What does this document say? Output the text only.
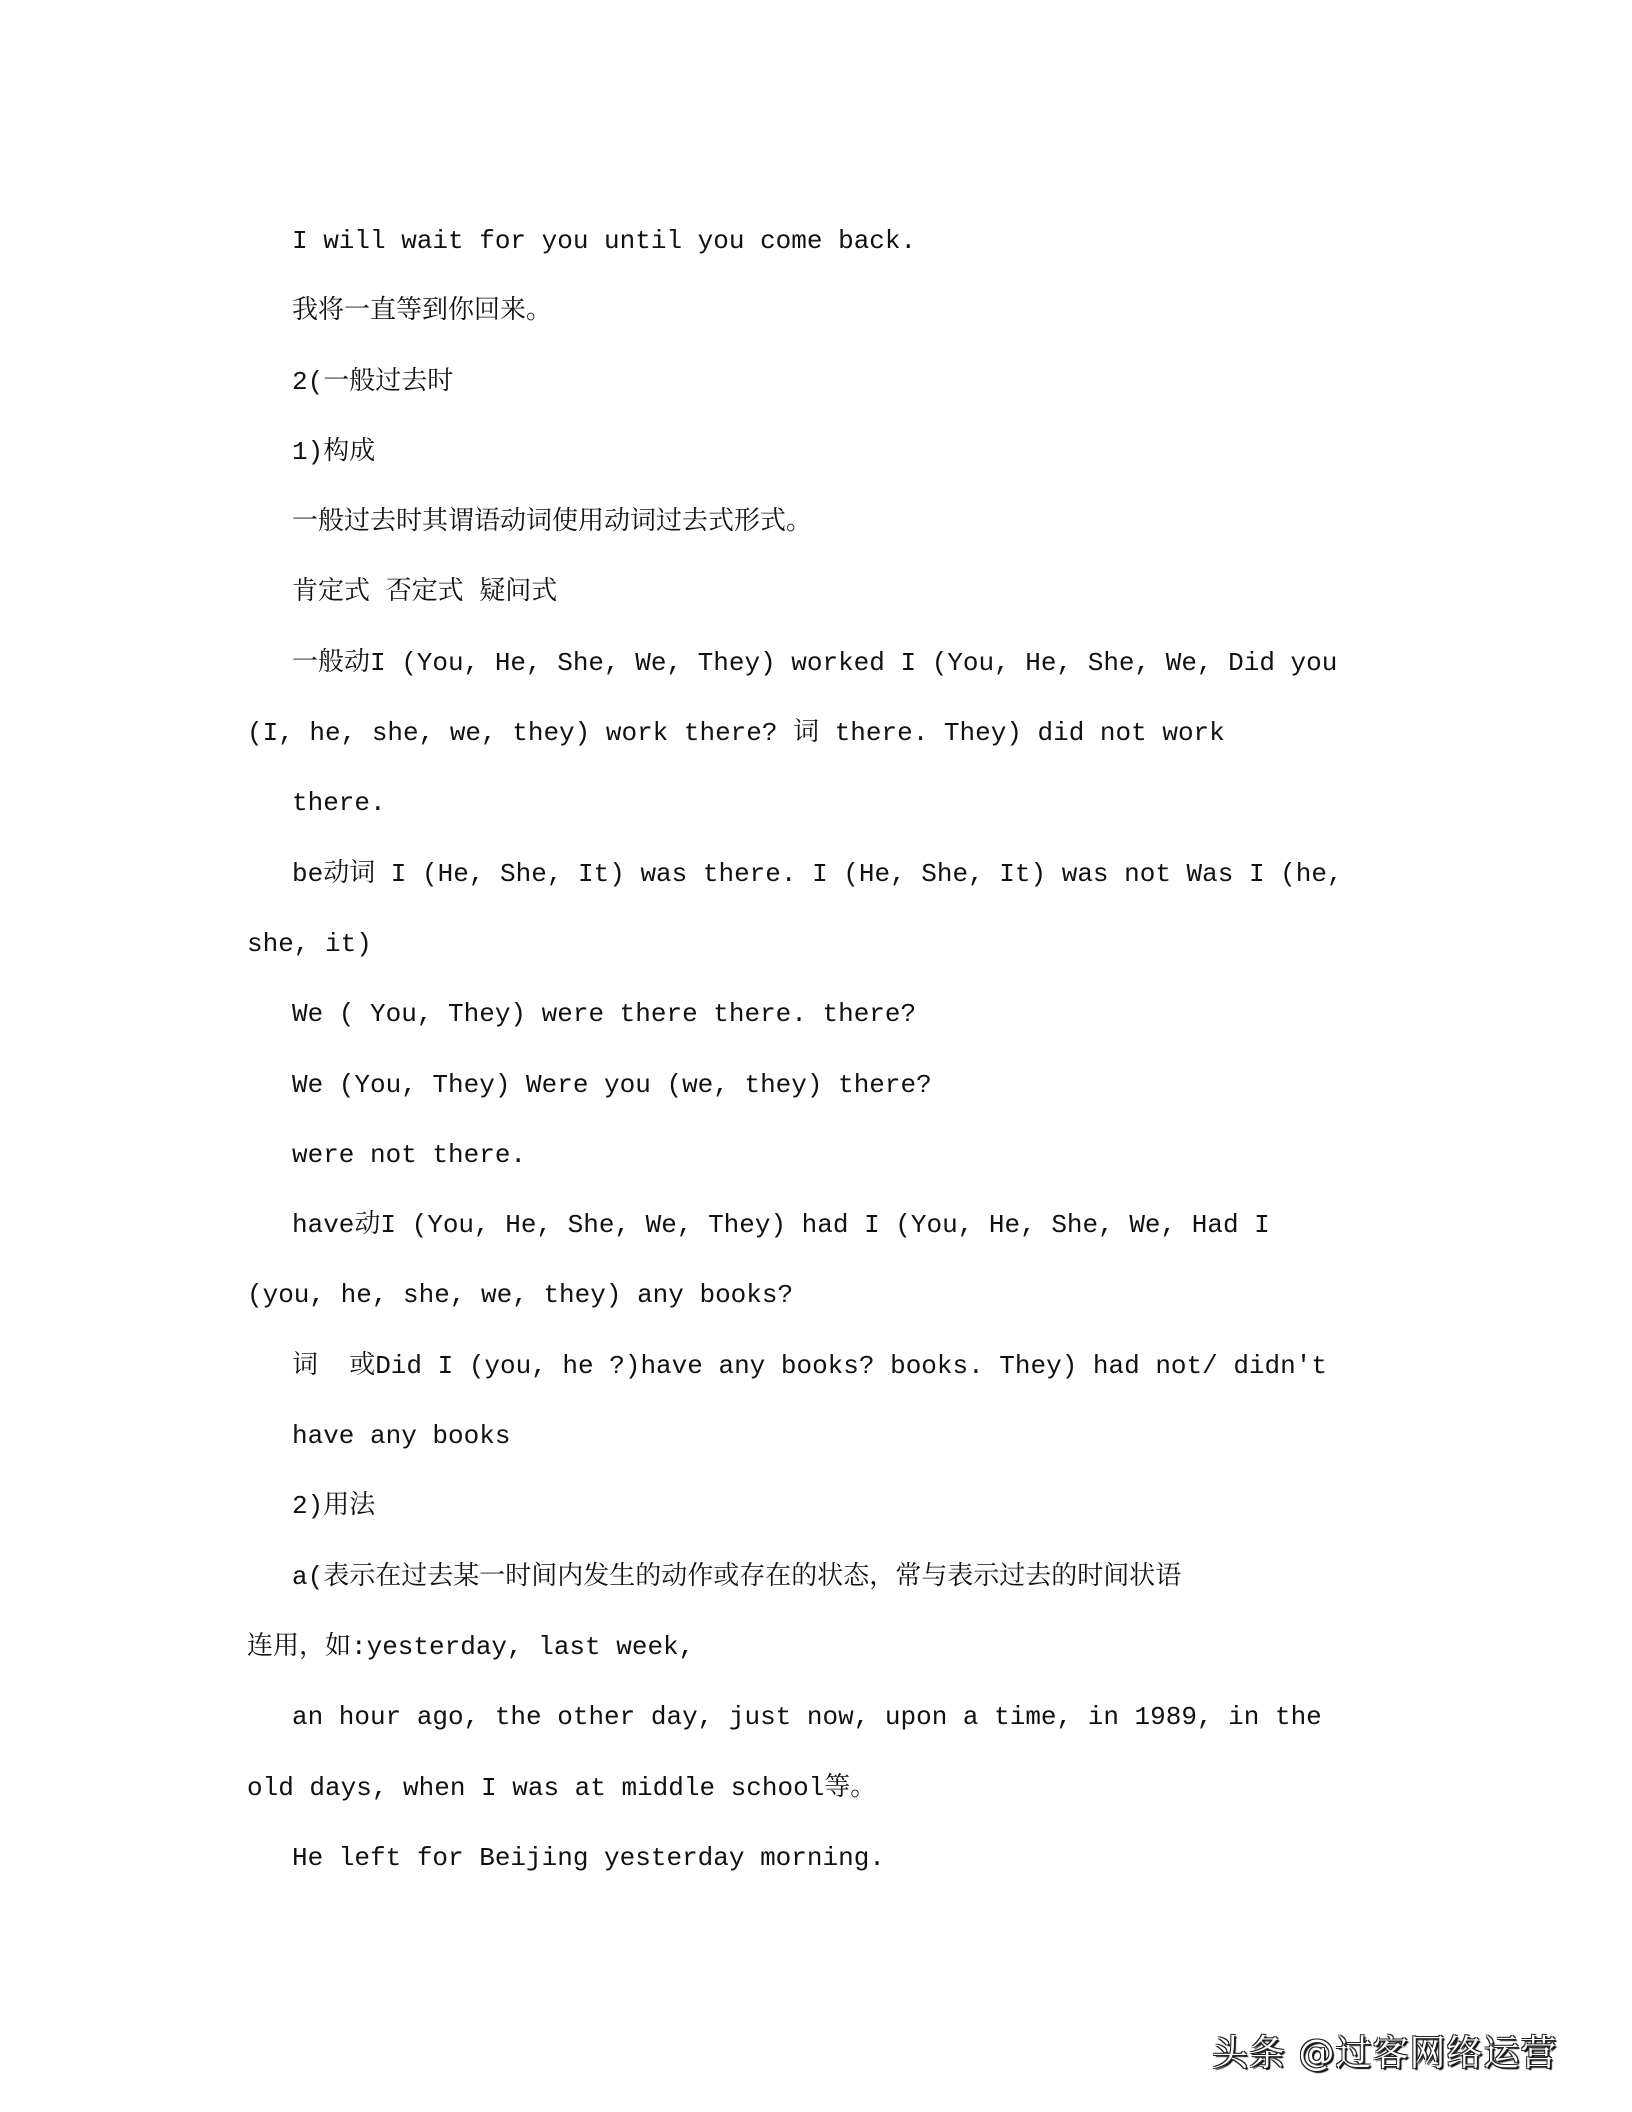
I will wait for you until you come back.
我将一直等到你回来。
2(一般过去时
1)构成
一般过去时其谓语动词使用动词过去式形式。
肯定式 否定式 疑问式
一般动I (You, He, She, We, They) worked I (You, He, She, We, Did you
(I, he, she, we, they) work there? 词 there. They) did not work
there.
be动词 I (He, She, It) was there. I (He, She, It) was not Was I (he,
she, it)
We ( You, They) were there there. there?
We (You, They) Were you (we, they) there?
were not there.
have动I (You, He, She, We, They) had I (You, He, She, We, Had I
(you, he, she, we, they) any books?
词  或Did I (you, he ?)have any books? books. They) had not/ didn't
have any books
2)用法
a(表示在过去某一时间内发生的动作或存在的状态，常与表示过去的时间状语
连用，如:yesterday, last week,
an hour ago, the other day, just now, upon a time, in 1989, in the
old days, when I was at middle school等。
He left for Beijing yesterday morning.
头条 @过客网络运营
